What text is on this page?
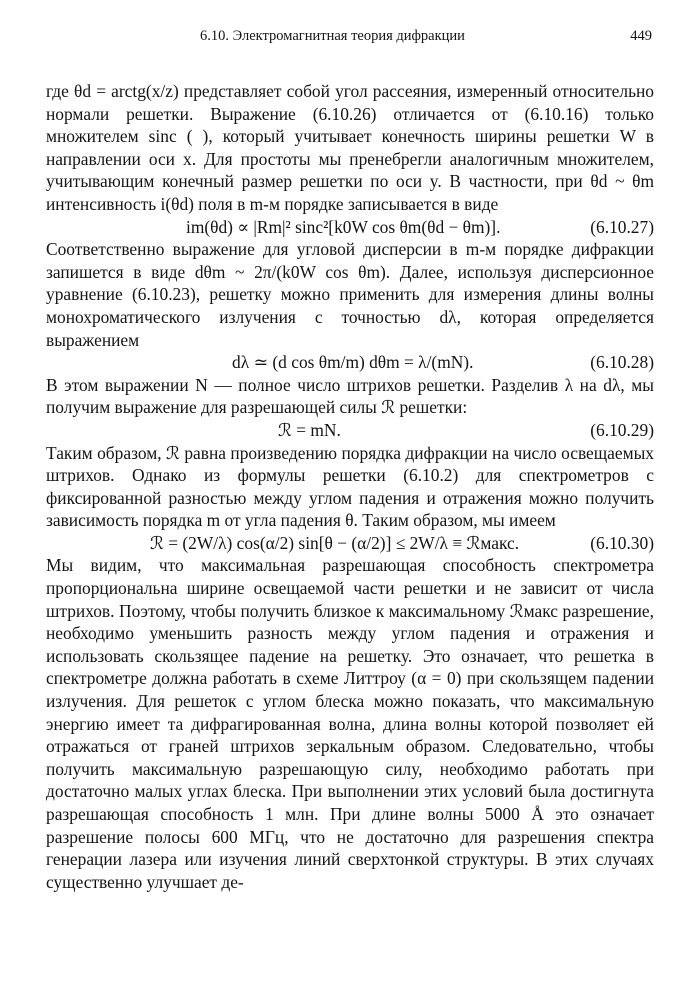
6.10. Электромагнитная теория дифракции	449

где θd = arctg(x/z) представляет собой угол рассеяния, измеренный относительно нормали решетки. Выражение (6.10.26) отличается от (6.10.16) только множителем sinc ( ), который учитывает конечность ширины решетки W в направлении оси x. Для простоты мы пренебрегли аналогичным множителем, учитывающим конечный размер решетки по оси y. В частности, при θd ~ θm интенсивность i(θd) поля в m-м порядке записывается в виде

im(θd) ∝ |Rm|² sinc²[k0W cos θm(θd − θm)].	(6.10.27)

Соответственно выражение для угловой дисперсии в m-м порядке дифракции запишется в виде dθm ~ 2π/(k0W cos θm). Далее, используя дисперсионное уравнение (6.10.23), решетку можно применить для измерения длины волны монохроматического излучения с точностью dλ, которая определяется выражением

dλ ≃ (d cos θm/m) dθm = λ/(mN).	(6.10.28)

В этом выражении N — полное число штрихов решетки. Разделив λ на dλ, мы получим выражение для разрешающей силы ℛ решетки:

ℛ = mN.	(6.10.29)

Таким образом, ℛ равна произведению порядка дифракции на число освещаемых штрихов. Однако из формулы решетки (6.10.2) для спектрометров с фиксированной разностью между углом падения и отражения можно получить зависимость порядка m от угла падения θ. Таким образом, мы имеем

ℛ = (2W/λ) cos(α/2) sin[θ − (α/2)] ≤ 2W/λ ≡ ℛмакс.	(6.10.30)

Мы видим, что максимальная разрешающая способность спектрометра пропорциональна ширине освещаемой части решетки и не зависит от числа штрихов. Поэтому, чтобы получить близкое к максимальному ℛмакс разрешение, необходимо уменьшить разность между углом падения и отражения и использовать скользящее падение на решетку. Это означает, что решетка в спектрометре должна работать в схеме Литтроу (α = 0) при скользящем падении излучения. Для решеток с углом блеска можно показать, что максимальную энергию имеет та дифрагированная волна, длина волны которой позволяет ей отражаться от граней штрихов зеркальным образом. Следовательно, чтобы получить максимальную разрешающую силу, необходимо работать при достаточно малых углах блеска. При выполнении этих условий была достигнута разрешающая способность 1 млн. При длине волны 5000 Å это означает разрешение полосы 600 МГц, что не достаточно для разрешения спектра генерации лазера или изучения линий сверхтонкой структуры. В этих случаях существенно улучшает де-
